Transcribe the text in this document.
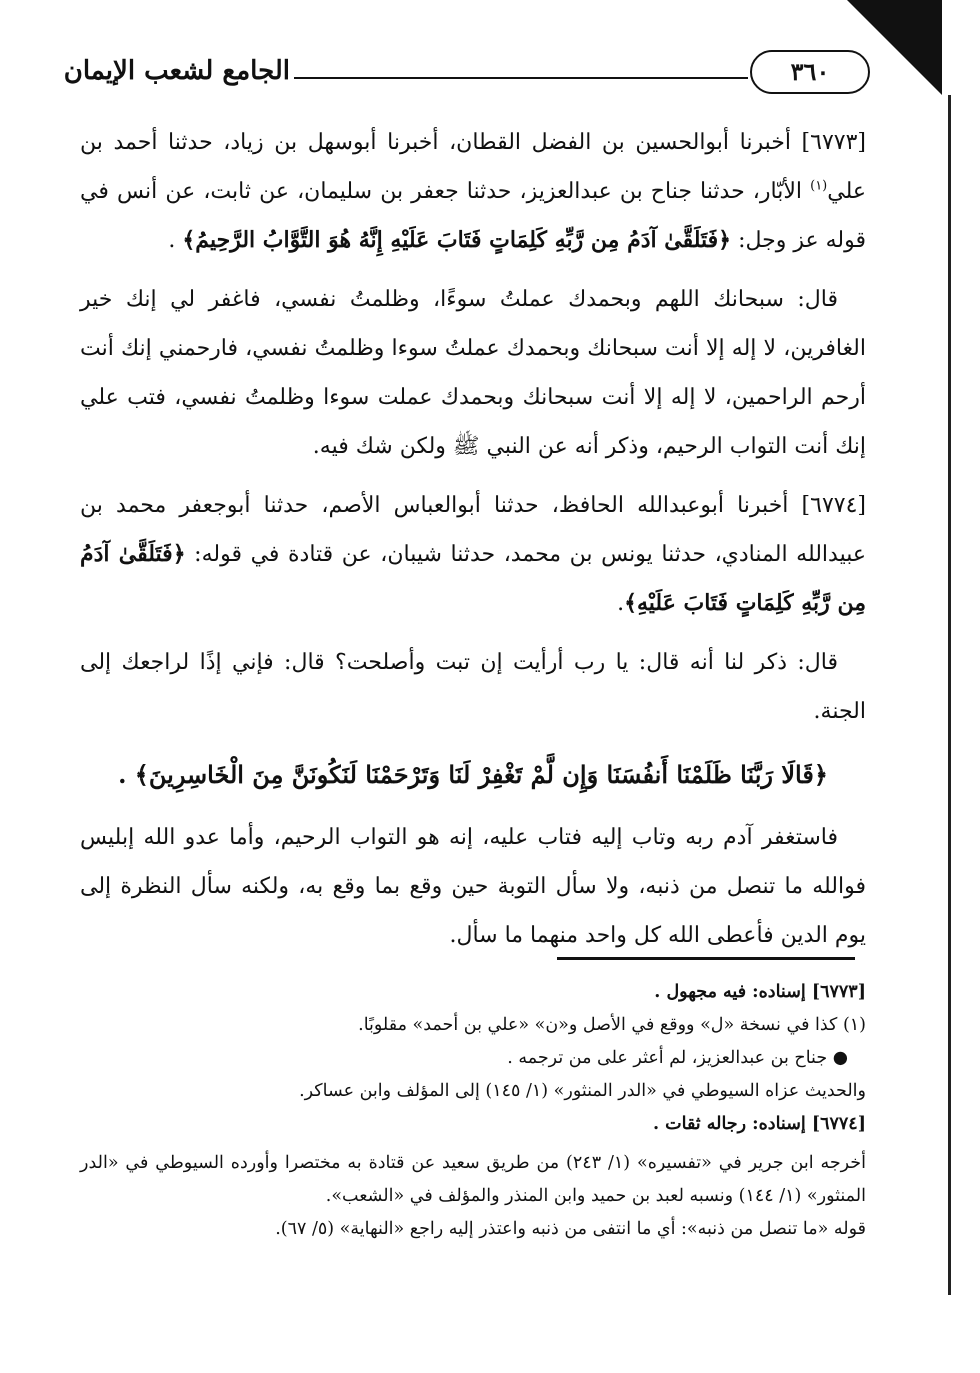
٣٦٠
الجامع لشعب الإيمان

[٦٧٧٣] أخبرنا أبوالحسين بن الفضل القطان، أخبرنا أبوسهل بن زياد، حدثنا أحمد بن علي$^{(١)}$ الأبّار، حدثنا جناح بن عبدالعزيز، حدثنا جعفر بن سليمان، عن ثابت، عن أنس في قوله عز وجل: ﴿فَتَلَقَّىٰ آدَمُ مِن رَّبِّهِ كَلِمَاتٍ فَتَابَ عَلَيْهِ إِنَّهُ هُوَ التَّوَّابُ الرَّحِيمُ﴾ .

قال: سبحانك اللهم وبحمدك عملتُ سوءًا، وظلمتُ نفسي، فاغفر لي إنك خير الغافرين، لا إله إلا أنت سبحانك وبحمدك عملتُ سوءا وظلمتُ نفسي، فارحمني إنك أنت أرحم الراحمين، لا إله إلا أنت سبحانك وبحمدك عملت سوءا وظلمتُ نفسي، فتب علي إنك أنت التواب الرحيم، وذكر أنه عن النبي ﷺ ولكن شك فيه.

[٦٧٧٤] أخبرنا أبوعبدالله الحافظ، حدثنا أبوالعباس الأصم، حدثنا أبوجعفر محمد بن عبيدالله المنادي، حدثنا يونس بن محمد، حدثنا شيبان، عن قتادة في قوله: ﴿فَتَلَقَّىٰ آدَمُ مِن رَّبِّهِ كَلِمَاتٍ فَتَابَ عَلَيْهِ﴾.

قال: ذكر لنا أنه قال: يا رب أرأيت إن تبت وأصلحت؟ قال: فإني إذًا لراجعك إلى الجنة.

﴿قَالَا رَبَّنَا ظَلَمْنَا أَنفُسَنَا وَإِن لَّمْ تَغْفِرْ لَنَا وَتَرْحَمْنَا لَنَكُونَنَّ مِنَ الْخَاسِرِينَ﴾ .

فاستغفر آدم ربه وتاب إليه فتاب عليه، إنه هو التواب الرحيم، وأما عدو الله إبليس فوالله ما تنصل من ذنبه، ولا سأل التوبة حين وقع بما وقع به، ولكنه سأل النظرة إلى يوم الدين فأعطى الله كل واحد منهما ما سأل.

[٦٧٧٣] إسناده: فيه مجهول .

(١) كذا في نسخة «ل» ووقع في الأصل و«ن» «علي بن أحمد» مقلوبًا.

● جناح بن عبدالعزيز، لم أعثر على من ترجمه .

والحديث عزاه السيوطي في «الدر المنثور» (١/ ١٤٥) إلى المؤلف وابن عساكر.

[٦٧٧٤] إسناده: رجاله ثقات .

أخرجه ابن جرير في «تفسيره» (١/ ٢٤٣) من طريق سعيد عن قتادة به مختصرا وأورده السيوطي في «الدر المنثور» (١/ ١٤٤) ونسبه لعبد بن حميد وابن المنذر والمؤلف في «الشعب».

قوله «ما تنصل من ذنبه»: أي ما انتفى من ذنبه واعتذر إليه راجع «النهاية» (٥/ ٦٧).
